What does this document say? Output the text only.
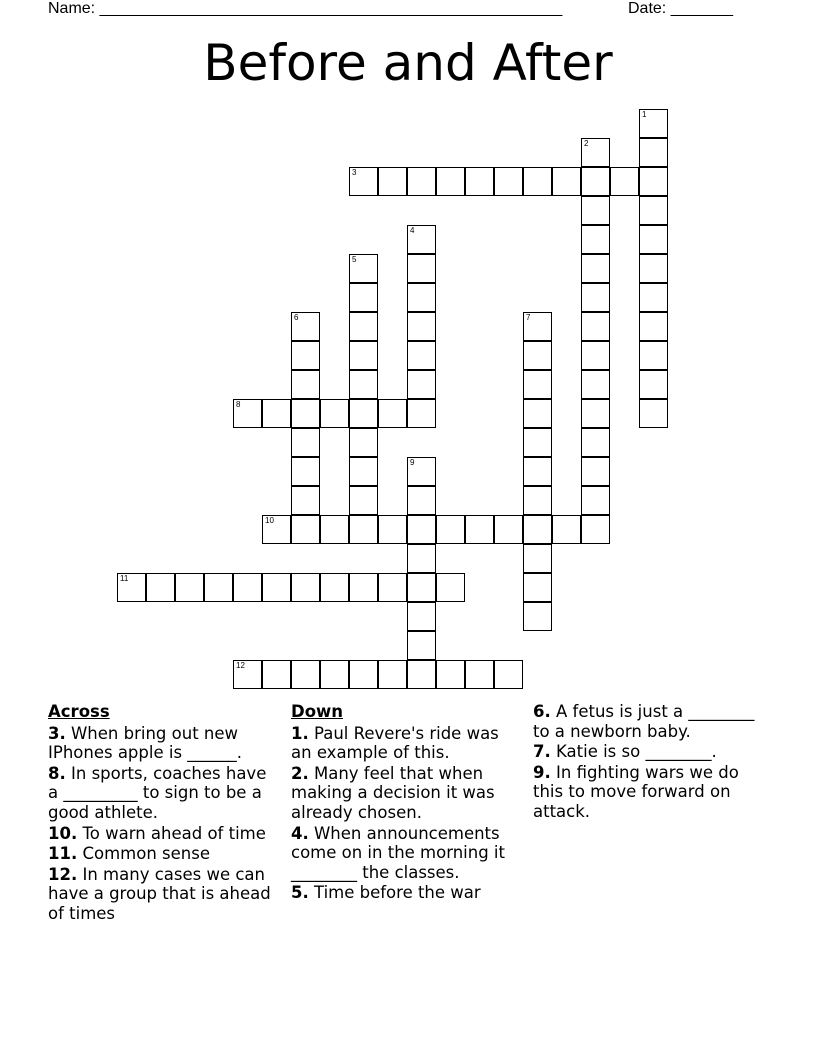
Name: ____________________________________________________	Date: _______
Before and After
1
2
3
4
5
6	7
8
9
10
11
12
Across
3. When bring out new IPhones apple is ______.
8. In sports, coaches have a _________ to sign to be a good athlete.
10. To warn ahead of time
11. Common sense
12. In many cases we can have a group that is ahead of times
Down
1. Paul Revere's ride was an example of this.
2. Many feel that when making a decision it was already chosen.
4. When announcements come on in the morning it ________ the classes.
5. Time before the war
6. A fetus is just a ________ to a newborn baby.
7. Katie is so ________.
9. In fighting wars we do this to move forward on attack.
